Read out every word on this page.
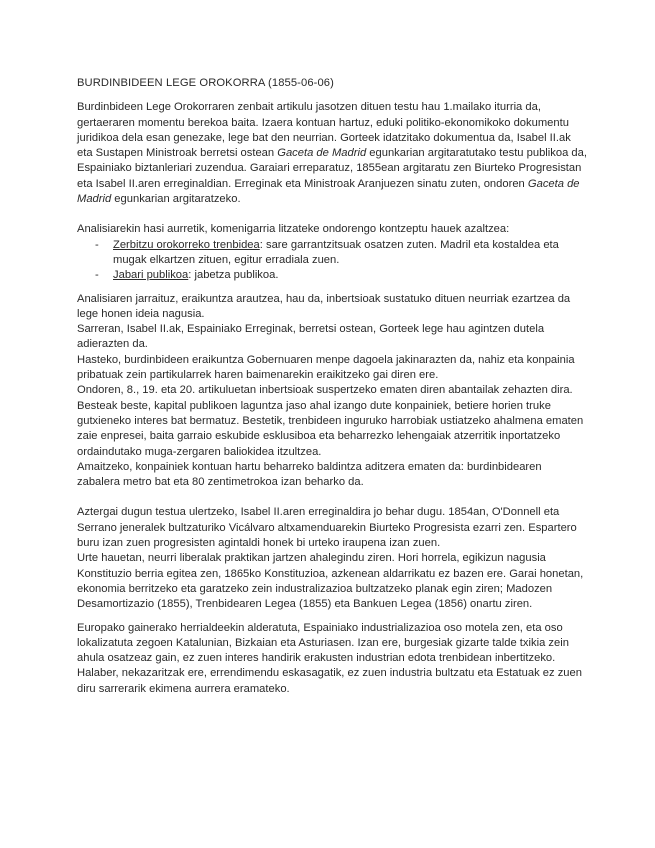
BURDINBIDEEN LEGE OROKORRA (1855-06-06)

Burdinbideen Lege Orokorraren zenbait artikulu jasotzen dituen testu hau 1.mailako iturria da, gertaeraren momentu berekoa baita. Izaera kontuan hartuz, eduki politiko-ekonomikoko dokumentu juridikoa dela esan genezake, lege bat den neurrian. Gorteek idatzitako dokumentua da, Isabel II.ak eta Sustapen Ministroak berretsi ostean Gaceta de Madrid egunkarian argitaratutako testu publikoa da, Espainiako biztanleriari zuzendua. Garaiari erreparatuz, 1855ean argitaratu zen Biurteko Progresistan eta Isabel II.aren erreginaldian. Erreginak eta Ministroak Aranjuezen sinatu zuten, ondoren Gaceta de Madrid egunkarian argitaratzeko.

Analisiarekin hasi aurretik, komenigarria litzateke ondorengo kontzeptu hauek azaltzea:

- Zerbitzu orokorreko trenbidea: sare garrantzitsuak osatzen zuten. Madril eta kostaldea eta mugak elkartzen zituen, egitur erradiala zuen.
- Jabari publikoa: jabetza publikoa.

Analisiaren jarraituz, eraikuntza arautzea, hau da, inbertsioak sustatuko dituen neurriak ezartzea da lege honen ideia nagusia.

Sarreran, Isabel II.ak, Espainiako Erreginak, berretsi ostean, Gorteek lege hau agintzen dutela adierazten da.

Hasteko, burdinbideen eraikuntza Gobernuaren menpe dagoela jakinarazten da, nahiz eta konpainia pribatuak zein partikularrek haren baimenarekin eraikitzeko gai diren ere.

Ondoren, 8., 19. eta 20. artikuluetan inbertsioak suspertzeko ematen diren abantailak zehazten dira. Besteak beste, kapital publikoen laguntza jaso ahal izango dute konpainiek, betiere horien truke gutxieneko interes bat bermatuz. Bestetik, trenbideen inguruko harrobiak ustiatzeko ahalmena ematen zaie enpresei, baita garraio eskubide esklusiboa eta beharrezko lehengaiak atzerritik inportatzeko ordaindutako muga-zergaren baliokidea itzultzea.

Amaitzeko, konpainiek kontuan hartu beharreko baldintza aditzera ematen da: burdinbidearen zabalera metro bat eta 80 zentimetrokoa izan beharko da.

Aztergai dugun testua ulertzeko, Isabel II.aren erreginaldira jo behar dugu. 1854an, O'Donnell eta Serrano jeneralek bultzaturiko Vicálvaro altxamenduarekin Biurteko Progresista ezarri zen. Espartero buru izan zuen progresisten agintaldi honek bi urteko iraupena izan zuen.

Urte hauetan, neurri liberalak praktikan jartzen ahalegindu ziren. Hori horrela, egikizun nagusia Konstituzio berria egitea zen, 1865ko Konstituzioa, azkenean aldarrikatu ez bazen ere. Garai honetan, ekonomia berritzeko eta garatzeko zein industralizazioa bultzatzeko planak egin ziren; Madozen Desamortizazio (1855), Trenbidearen Legea (1855) eta Bankuen Legea (1856) onartu ziren.

Europako gainerako herrialdeekin alderatuta, Espainiako industrializazioa oso motela zen, eta oso lokalizatuta zegoen Katalunian, Bizkaian eta Asturiasen. Izan ere, burgesiak gizarte talde txikia zein ahula osatzeaz gain, ez zuen interes handirik erakusten industrian edota trenbidean inbertitzeko. Halaber, nekazaritzak ere, errendimendu eskasagatik, ez zuen industria bultzatu eta Estatuak ez zuen diru sarrerarik ekimena aurrera eramateko.
